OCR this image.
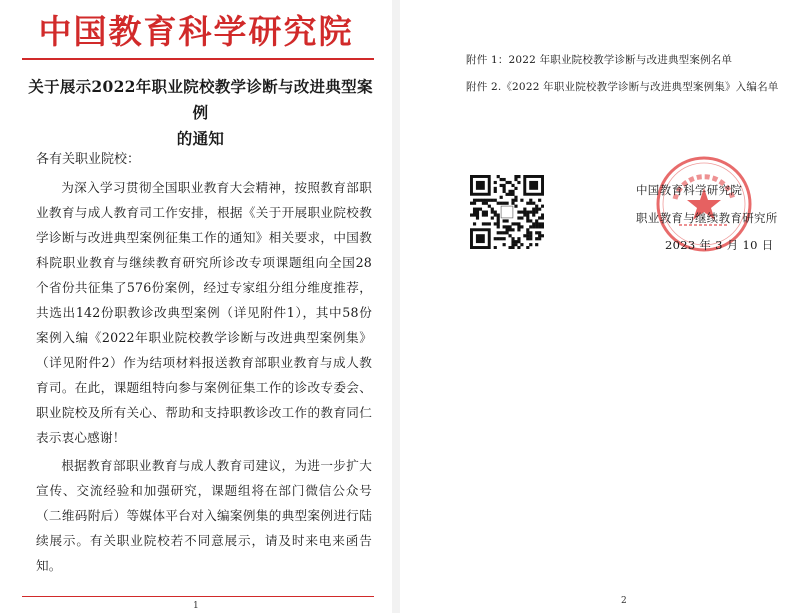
中国教育科学研究院
关于展示2022年职业院校教学诊断与改进典型案例
的通知
各有关职业院校：

为深入学习贯彻全国职业教育大会精神，按照教育部职业教育与成人教育司工作安排，根据《关于开展职业院校教学诊断与改进典型案例征集工作的通知》相关要求，中国教科院职业教育与继续教育研究所诊改专项课题组向全国28个省份共征集了576份案例，经过专家组分组分维度推荐，共选出142份职教诊改典型案例（详见附件1），其中58份案例入编《2022年职业院校教学诊断与改进典型案例集》（详见附件2）作为结项材料报送教育部职业教育与成人教育司。在此，课题组特向参与案例征集工作的诊改专委会、职业院校及所有关心、帮助和支持职教诊改工作的教育同仁表示衷心感谢！

根据教育部职业教育与成人教育司建议，为进一步扩大宣传、交流经验和加强研究，课题组将在部门微信公众号（二维码附后）等媒体平台对入编案例集的典型案例进行陆续展示。有关职业院校若不同意展示，请及时来电来函告知。

1
附件 1：2022 年职业院校教学诊断与改进典型案例名单
附件 2.《2022 年职业院校教学诊断与改进典型案例集》入编名单
中国教育科学研究院
职业教育与继续教育研究所
2023 年 3 月 10 日
2
